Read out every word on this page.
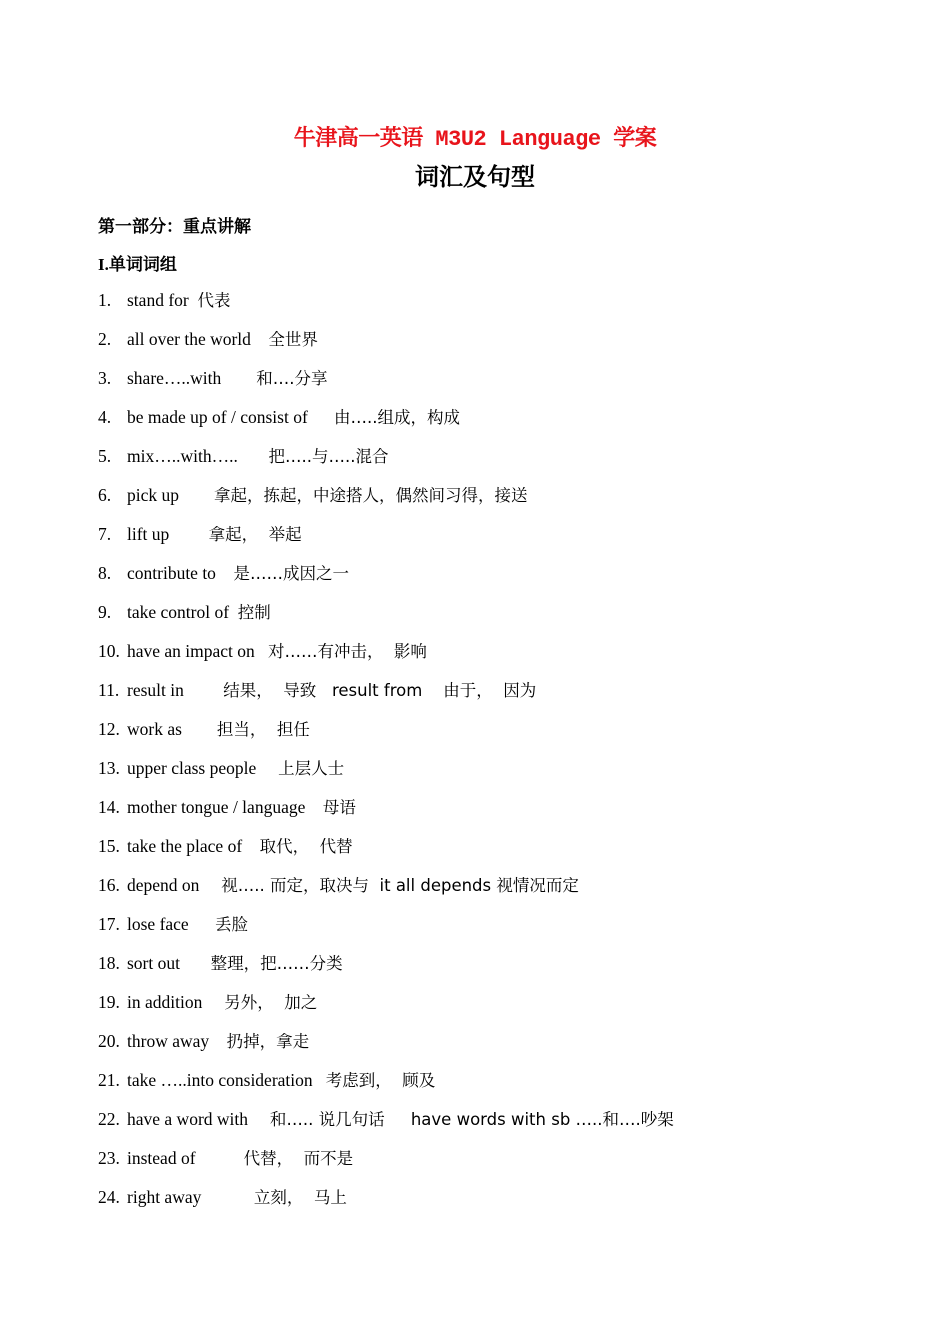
牛津高一英语 M3U2 Language 学案
词汇及句型
第一部分：重点讲解
I.单词词组
1. stand for 代表
2. all over the world 全世界
3. share…..with 和….分享
4. be made up of / consist of 由…..组成，构成
5. mix…..with….. 把…..与…..混合
6. pick up 拿起，拣起，中途搭人，偶然间习得，接送
7. lift up 拿起，  举起
8. contribute to 是……成因之一
9. take control of 控制
10. have an impact on 对……有冲击，  影响
11. result in 结果，  导致   result from    由于，  因为
12. work as 担当，  担任
13. upper class people 上层人士
14. mother tongue / language 母语
15. take the place of 取代，  代替
16. depend on 视….. 而定，取决与  it all depends 视情况而定
17. lose face 丢脸
18. sort out 整理，把……分类
19. in addition 另外，  加之
20. throw away 扔掉，拿走
21. take …..into consideration 考虑到，  顾及
22. have a word with 和….. 说几句话     have words with sb …..和….吵架
23. instead of	代替，  而不是
24. right away	立刻，  马上
